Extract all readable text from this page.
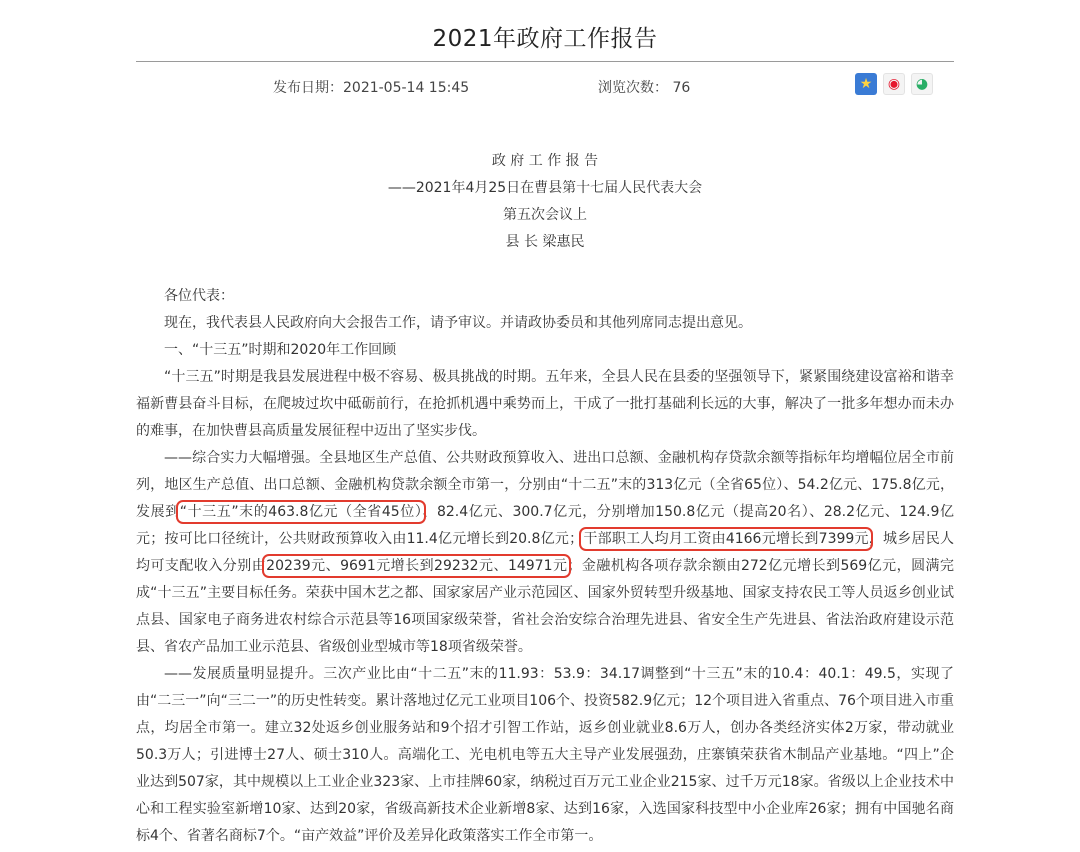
2021年政府工作报告
发布日期：2021-05-14 15:45	浏览次数： 76	★	◉	◕
政 府 工 作 报 告
——2021年4月25日在曹县第十七届人民代表大会
第五次会议上
县 长 梁惠民

各位代表：

现在，我代表县人民政府向大会报告工作，请予审议。并请政协委员和其他列席同志提出意见。

一、“十三五”时期和2020年工作回顾

“十三五”时期是我县发展进程中极不容易、极具挑战的时期。五年来，全县人民在县委的坚强领导下，紧紧围绕建设富裕和谐幸福新曹县奋斗目标，在爬坡过坎中砥砺前行，在抢抓机遇中乘势而上，干成了一批打基础利长远的大事，解决了一批多年想办而未办的难事，在加快曹县高质量发展征程中迈出了坚实步伐。

——综合实力大幅增强。全县地区生产总值、公共财政预算收入、进出口总额、金融机构存贷款余额等指标年均增幅位居全市前列，地区生产总值、出口总额、金融机构贷款余额全市第一，分别由“十二五”末的313亿元（全省65位）、54.2亿元、175.8亿元，发展到“十三五”末的463.8亿元（全省45位）、82.4亿元、300.7亿元，分别增加150.8亿元（提高20名）、28.2亿元、124.9亿元；按可比口径统计，公共财政预算收入由11.4亿元增长到20.8亿元；干部职工人均月工资由4166元增长到7399元，城乡居民人均可支配收入分别由20239元、9691元增长到29232元、14971元；金融机构各项存款余额由272亿元增长到569亿元，圆满完成“十三五”主要目标任务。荣获中国木艺之都、国家家居产业示范园区、国家外贸转型升级基地、国家支持农民工等人员返乡创业试点县、国家电子商务进农村综合示范县等16项国家级荣誉，省社会治安综合治理先进县、省安全生产先进县、省法治政府建设示范县、省农产品加工业示范县、省级创业型城市等18项省级荣誉。

——发展质量明显提升。三次产业比由“十二五”末的11.93：53.9：34.17调整到“十三五”末的10.4：40.1：49.5，实现了由“二三一”向“三二一”的历史性转变。累计落地过亿元工业项目106个、投资582.9亿元；12个项目进入省重点、76个项目进入市重点，均居全市第一。建立32处返乡创业服务站和9个招才引智工作站，返乡创业就业8.6万人，创办各类经济实体2万家，带动就业50.3万人；引进博士27人、硕士310人。高端化工、光电机电等五大主导产业发展强劲，庄寨镇荣获省木制品产业基地。“四上”企业达到507家，其中规模以上工业企业323家、上市挂牌60家，纳税过百万元工业企业215家、过千万元18家。省级以上企业技术中心和工程实验室新增10家、达到20家，省级高新技术企业新增8家、达到16家，入选国家科技型中小企业库26家；拥有中国驰名商标4个、省著名商标7个。“亩产效益”评价及差异化政策落实工作全市第一。
